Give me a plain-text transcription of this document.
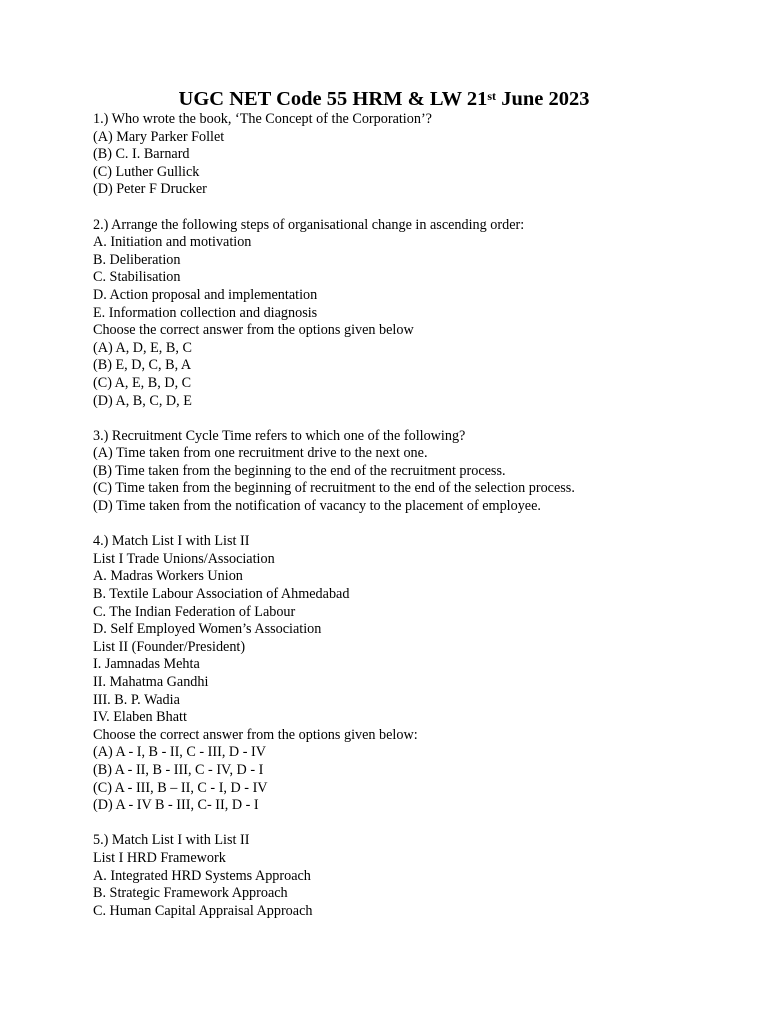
UGC NET Code 55 HRM & LW 21st June 2023
1.) Who wrote the book, ‘The Concept of the Corporation’?
(A) Mary Parker Follet
(B) C. I. Barnard
(C) Luther Gullick
(D) Peter F Drucker
2.) Arrange the following steps of organisational change in ascending order:
A. Initiation and motivation
B. Deliberation
C. Stabilisation
D. Action proposal and implementation
E. Information collection and diagnosis
Choose the correct answer from the options given below
(A) A, D, E, B, C
(B) E, D, C, B, A
(C) A, E, B, D, C
(D) A, B, C, D, E
3.) Recruitment Cycle Time refers to which one of the following?
(A) Time taken from one recruitment drive to the next one.
(B) Time taken from the beginning to the end of the recruitment process.
(C) Time taken from the beginning of recruitment to the end of the selection process.
(D) Time taken from the notification of vacancy to the placement of employee.
4.) Match List I with List II
List I Trade Unions/Association
A. Madras Workers Union
B. Textile Labour Association of Ahmedabad
C. The Indian Federation of Labour
D. Self Employed Women’s Association
List II (Founder/President)
I. Jamnadas Mehta
II. Mahatma Gandhi
III. B. P. Wadia
IV. Elaben Bhatt
Choose the correct answer from the options given below:
(A) A - I, B - II, C - III, D - IV
(B) A - II, B - III, C - IV, D - I
(C) A - III, B – II, C - I, D - IV
(D) A - IV B - III, C- II, D - I
5.) Match List I with List II
List I HRD Framework
A. Integrated HRD Systems Approach
B. Strategic Framework Approach
C. Human Capital Appraisal Approach
